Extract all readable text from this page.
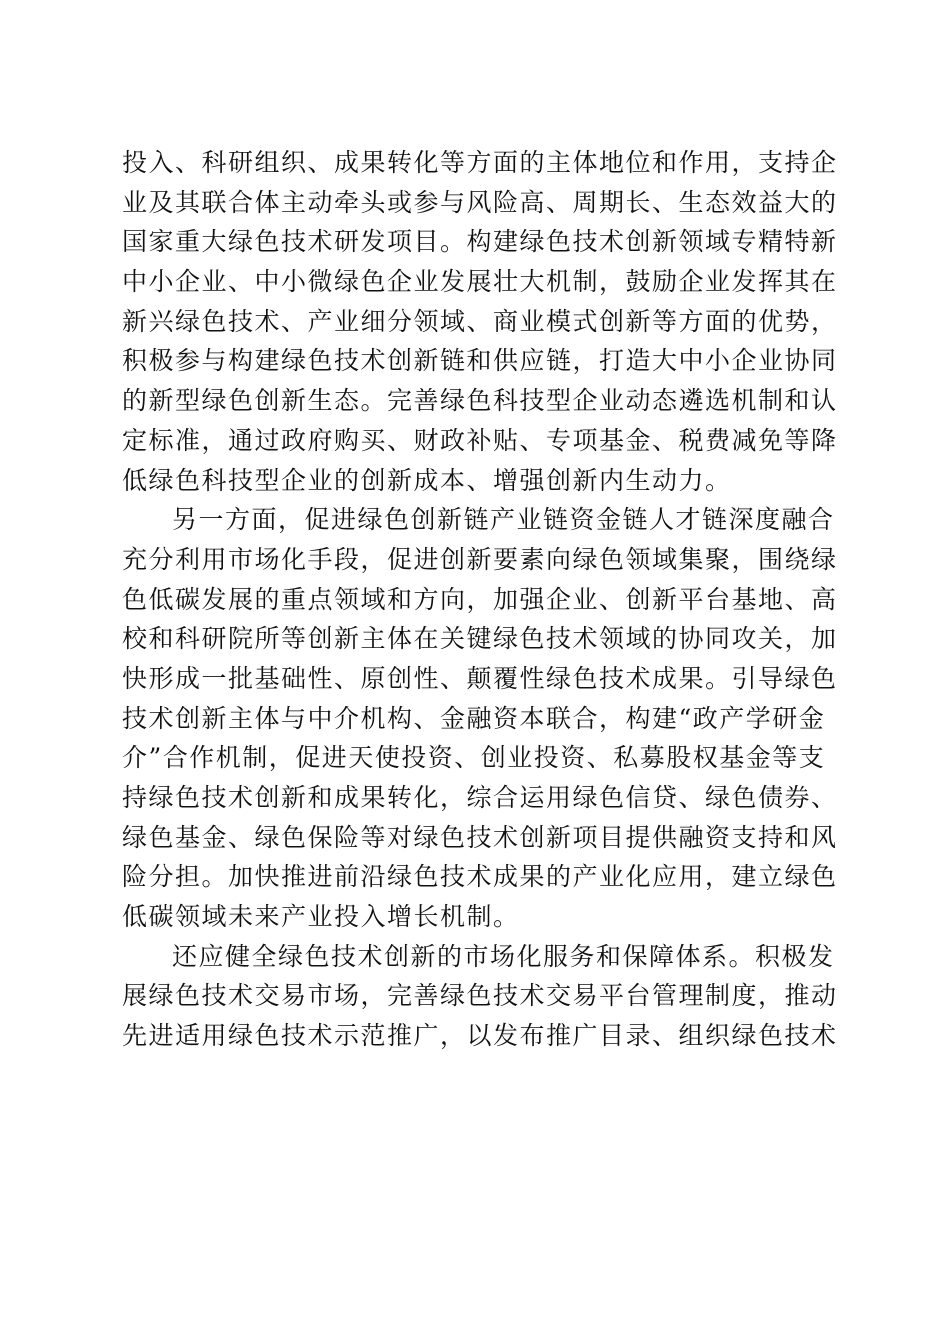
投入、科研组织、成果转化等方面的主体地位和作用，支持企
业及其联合体主动牵头或参与风险高、周期长、生态效益大的
国家重大绿色技术研发项目。构建绿色技术创新领域专精特新
中小企业、中小微绿色企业发展壮大机制，鼓励企业发挥其在
新兴绿色技术、产业细分领域、商业模式创新等方面的优势，
积极参与构建绿色技术创新链和供应链，打造大中小企业协同
的新型绿色创新生态。完善绿色科技型企业动态遴选机制和认
定标准，通过政府购买、财政补贴、专项基金、税费减免等降
低绿色科技型企业的创新成本、增强创新内生动力。
另一方面，促进绿色创新链产业链资金链人才链深度融合
充分利用市场化手段，促进创新要素向绿色领域集聚，围绕绿
色低碳发展的重点领域和方向，加强企业、创新平台基地、高
校和科研院所等创新主体在关键绿色技术领域的协同攻关，加
快形成一批基础性、原创性、颠覆性绿色技术成果。引导绿色
技术创新主体与中介机构、金融资本联合，构建“政产学研金
介”合作机制，促进天使投资、创业投资、私募股权基金等支
持绿色技术创新和成果转化，综合运用绿色信贷、绿色债券、
绿色基金、绿色保险等对绿色技术创新项目提供融资支持和风
险分担。加快推进前沿绿色技术成果的产业化应用，建立绿色
低碳领域未来产业投入增长机制。
还应健全绿色技术创新的市场化服务和保障体系。积极发
展绿色技术交易市场，完善绿色技术交易平台管理制度，推动
先进适用绿色技术示范推广，以发布推广目录、组织绿色技术
